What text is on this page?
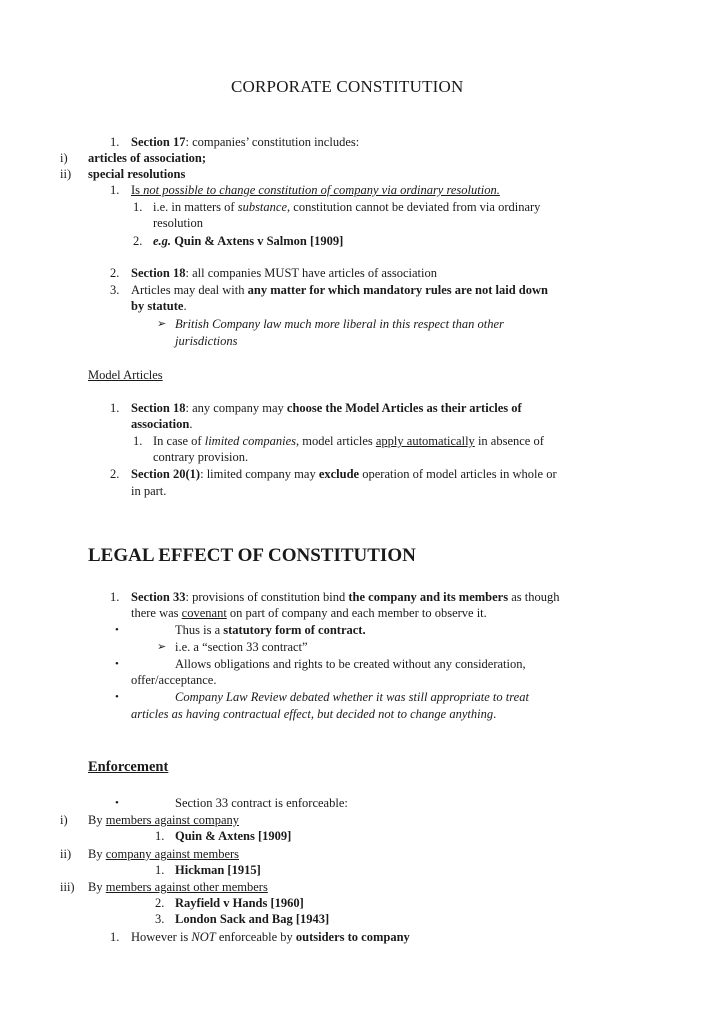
CORPORATE CONSTITUTION
1. Section 17: companies’ constitution includes:
i) articles of association;
ii) special resolutions
1. Is not possible to change constitution of company via ordinary resolution.
1. i.e. in matters of substance, constitution cannot be deviated from via ordinary
resolution
2. e.g. Quin & Axtens v Salmon [1909]
2. Section 18: all companies MUST have articles of association
3. Articles may deal with any matter for which mandatory rules are not laid down
by statute.
➢ British Company law much more liberal in this respect than other
jurisdictions
Model Articles
1. Section 18: any company may choose the Model Articles as their articles of
association.
1. In case of limited companies, model articles apply automatically in absence of
contrary provision.
2. Section 20(1): limited company may exclude operation of model articles in whole or
in part.
LEGAL EFFECT OF CONSTITUTION
1. Section 33: provisions of constitution bind the company and its members as though
there was covenant on part of company and each member to observe it.
•	Thus is a statutory form of contract.
➢ i.e. a “section 33 contract”
•	Allows obligations and rights to be created without any consideration,
offer/acceptance.
•	Company Law Review debated whether it was still appropriate to treat
articles as having contractual effect, but decided not to change anything.
Enforcement
•	Section 33 contract is enforceable:
i) By members against company
1. Quin & Axtens [1909]
ii) By company against members
1. Hickman [1915]
iii) By members against other members
2. Rayfield v Hands [1960]
3. London Sack and Bag [1943]
1. However is NOT enforceable by outsiders to company
